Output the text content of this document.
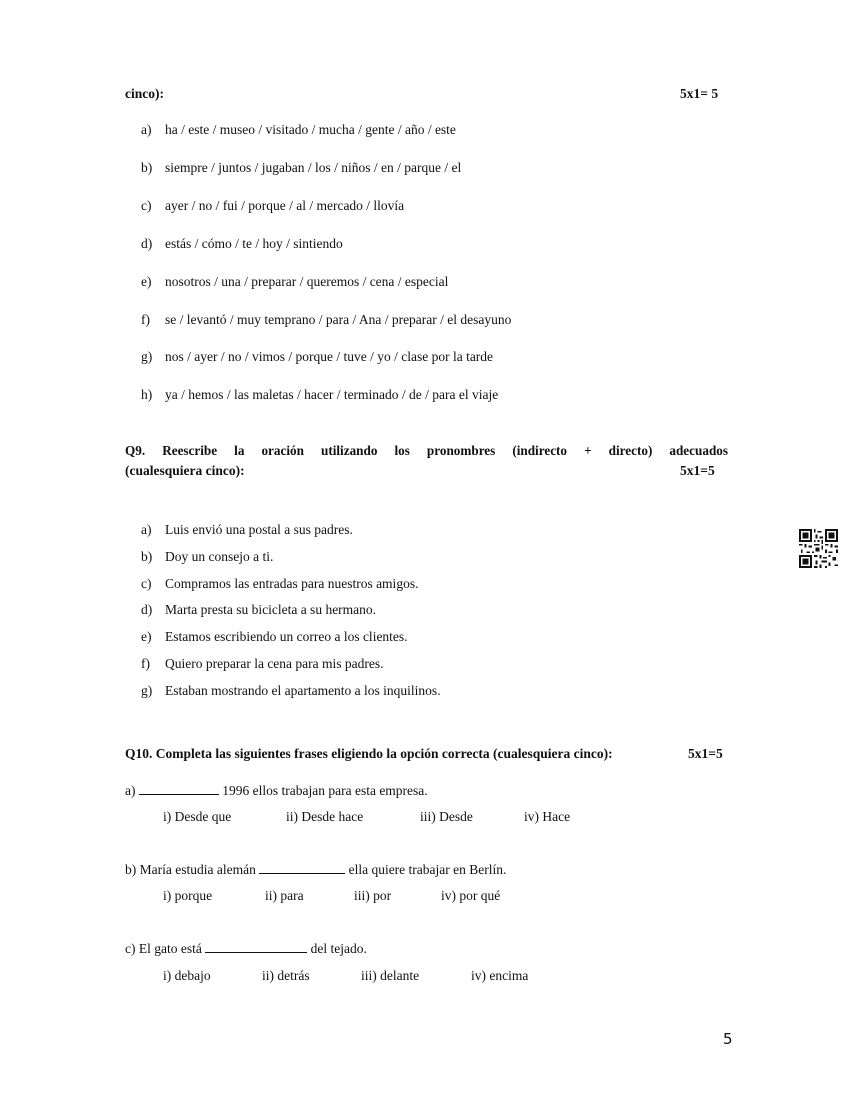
cinco):	5x1= 5
a) ha / este / museo / visitado / mucha / gente / año / este
b) siempre / juntos / jugaban / los / niños / en / parque / el
c) ayer / no / fui / porque / al / mercado / llovía
d) estás / cómo / te / hoy / sintiendo
e) nosotros / una / preparar / queremos / cena / especial
f) se / levantó / muy temprano / para / Ana / preparar / el desayuno
g) nos / ayer / no / vimos / porque / tuve / yo / clase por la tarde
h) ya / hemos / las maletas / hacer / terminado / de / para el viaje
Q9. Reescribe la oración utilizando los pronombres (indirecto + directo) adecuados
(cualesquiera cinco):	5x1=5
a) Luis envió una postal a sus padres.
b) Doy un consejo a ti.
c) Compramos las entradas para nuestros amigos.
d) Marta presta su bicicleta a su hermano.
e) Estamos escribiendo un correo a los clientes.
f) Quiero preparar la cena para mis padres.
g) Estaban mostrando el apartamento a los inquilinos.
Q10. Completa las siguientes frases eligiendo la opción correcta (cualesquiera cinco):	5x1=5
a)	1996 ellos trabajan para esta empresa.
i) Desde que	ii) Desde hace	iii) Desde	iv) Hace
b) María estudia alemán	ella quiere trabajar en Berlín.
i) porque	ii) para	iii) por	iv) por qué
c) El gato está	del tejado.
i) debajo	ii) detrás	iii) delante	iv) encima
5
